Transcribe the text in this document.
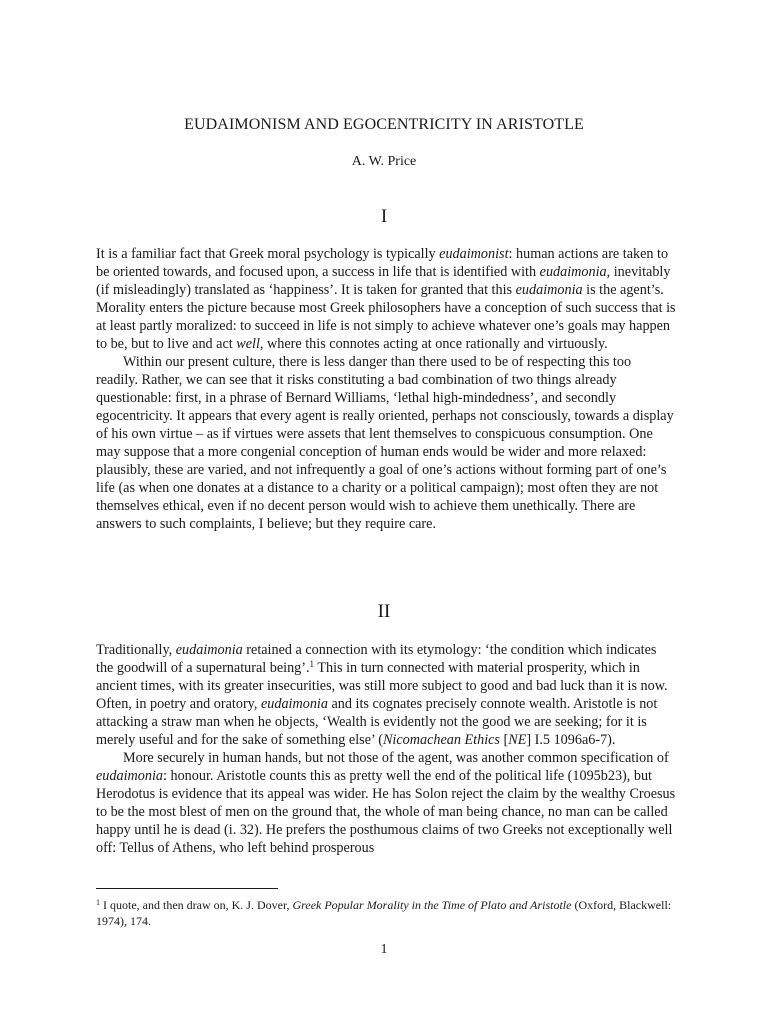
EUDAIMONISM AND EGOCENTRICITY IN ARISTOTLE
A. W. Price
I

It is a familiar fact that Greek moral psychology is typically eudaimonist: human actions are taken to be oriented towards, and focused upon, a success in life that is identified with eudaimonia, inevitably (if misleadingly) translated as ‘happiness’. It is taken for granted that this eudaimonia is the agent’s. Morality enters the picture because most Greek philosophers have a conception of such success that is at least partly moralized: to succeed in life is not simply to achieve whatever one’s goals may happen to be, but to live and act well, where this connotes acting at once rationally and virtuously.

Within our present culture, there is less danger than there used to be of respecting this too readily. Rather, we can see that it risks constituting a bad combination of two things already questionable: first, in a phrase of Bernard Williams, ‘lethal high-mindedness’, and secondly egocentricity. It appears that every agent is really oriented, perhaps not consciously, towards a display of his own virtue – as if virtues were assets that lent themselves to conspicuous consumption. One may suppose that a more congenial conception of human ends would be wider and more relaxed: plausibly, these are varied, and not infrequently a goal of one’s actions without forming part of one’s life (as when one donates at a distance to a charity or a political campaign); most often they are not themselves ethical, even if no decent person would wish to achieve them unethically. There are answers to such complaints, I believe; but they require care.

II

Traditionally, eudaimonia retained a connection with its etymology: ‘the condition which indicates the goodwill of a supernatural being’.$^1$ This in turn connected with material prosperity, which in ancient times, with its greater insecurities, was still more subject to good and bad luck than it is now. Often, in poetry and oratory, eudaimonia and its cognates precisely connote wealth. Aristotle is not attacking a straw man when he objects, ‘Wealth is evidently not the good we are seeking; for it is merely useful and for the sake of something else’ (Nicomachean Ethics [NE] I.5 1096a6-7).

More securely in human hands, but not those of the agent, was another common specification of eudaimonia: honour. Aristotle counts this as pretty well the end of the political life (1095b23), but Herodotus is evidence that its appeal was wider. He has Solon reject the claim by the wealthy Croesus to be the most blest of men on the ground that, the whole of man being chance, no man can be called happy until he is dead (i. 32). He prefers the posthumous claims of two Greeks not exceptionally well off: Tellus of Athens, who left behind prosperous

$^1$ I quote, and then draw on, K. J. Dover, Greek Popular Morality in the Time of Plato and Aristotle (Oxford, Blackwell: 1974), 174.
1
